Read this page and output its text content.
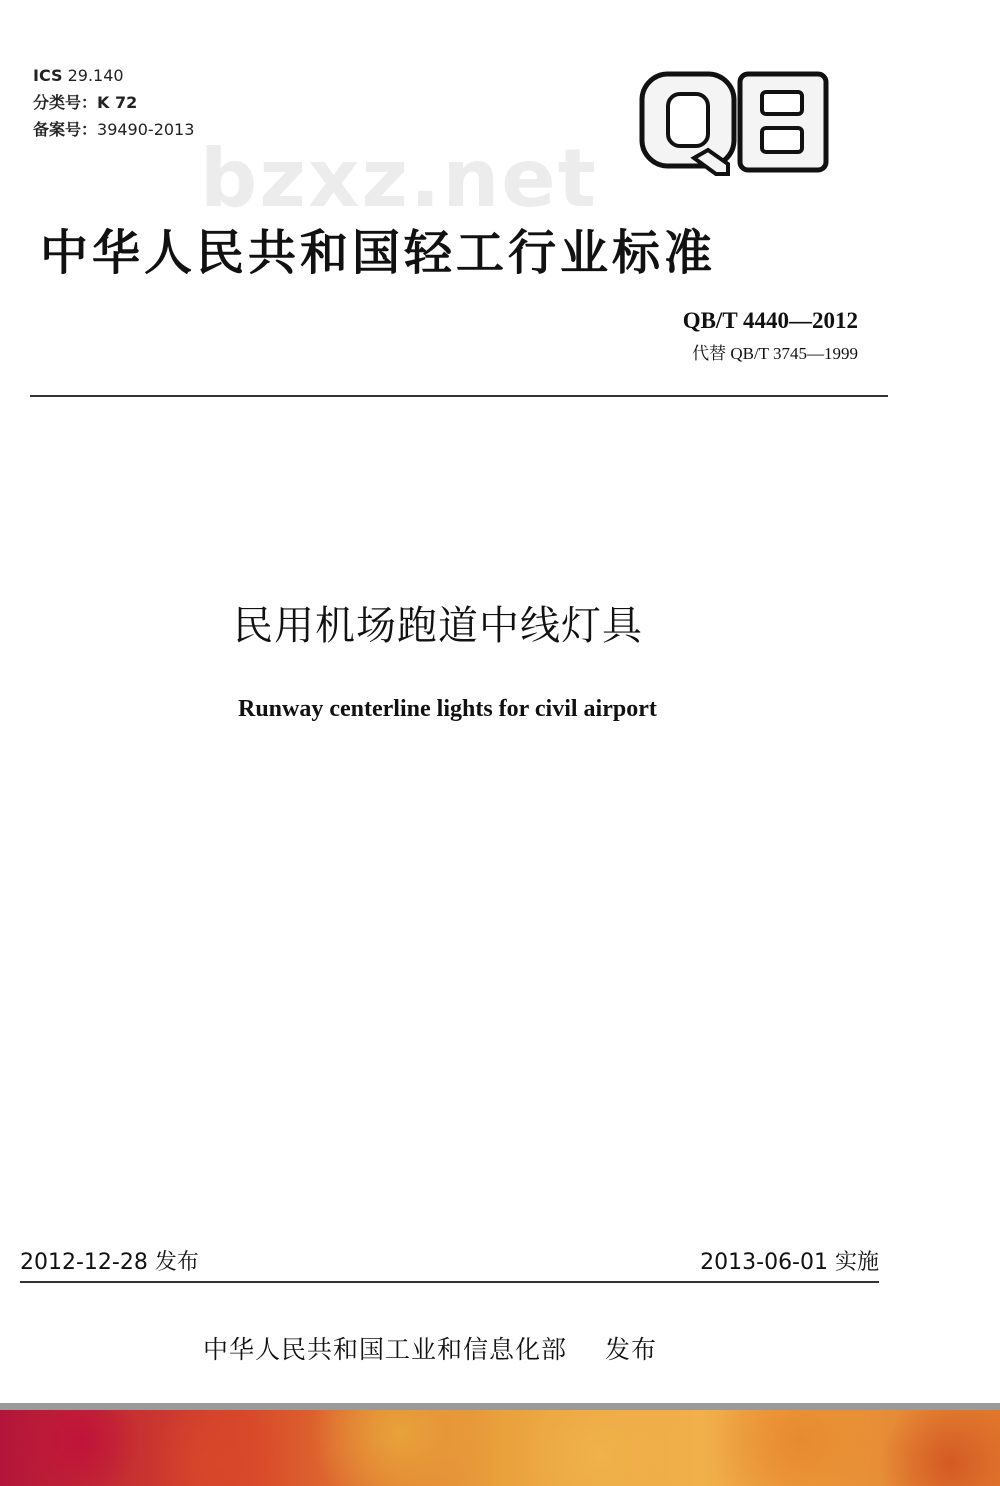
ICS 29.140
分类号：K 72
备案号：39490-2013
bzxz.net
中华人民共和国轻工行业标准
QB/T 4440—2012
代替 QB/T 3745—1999
民用机场跑道中线灯具
Runway centerline lights for civil airport
2012-12-28 发布	2013-06-01 实施
中华人民共和国工业和信息化部 发布
